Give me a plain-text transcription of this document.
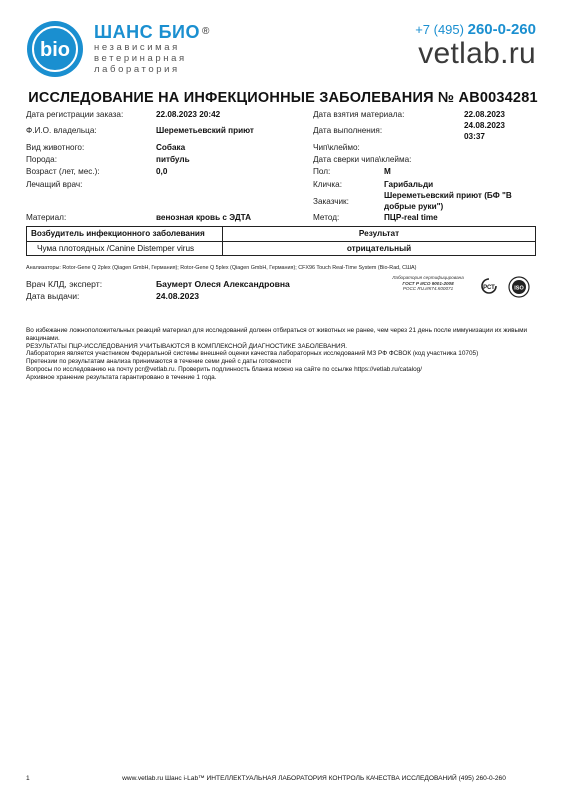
bio
ШАНС БИО ®
независимая
ветеринарная
лаборатория
+7 (495) 260-0-260
vetlab.ru
ИССЛЕДОВАНИЕ НА ИНФЕКЦИОННЫЕ ЗАБОЛЕВАНИЯ № AB0034281
Дата регистрации заказа:	22.08.2023 20:42
Ф.И.О. владельца:	Шереметьевский приют
Вид животного:	Собака
Порода:	питбуль
Возраст (лет, мес.):	0,0
Лечащий врач:
Материал:	венозная кровь с ЭДТА
Дата взятия материала:	22.08.2023
Дата выполнения:
24.08.2023
03:37
Чип\клеймо:
Дата сверки чипа\клейма:
Пол:	М
Кличка:	Гарибальди
Заказчик:
Шереметьевский приют (БФ "В
добрые руки")
Метод:	ПЦР-real time
Возбудитель инфекционного заболевания	Результат
Чума плотоядных /Canine Distemper virus	отрицательный
Анализаторы: Rotor-Gene Q 2plex (Qiagen GmbH, Германия); Rotor-Gene Q 5plex (Qiagen GmbH, Германия); CFX96 Touch Real-Time System (Bio-Rad, США)
Врач КЛД, эксперт:	Баумерт Олеся Александровна
Дата выдачи:	24.08.2023
Лаборатория сертифицирована
ГОСТ Р ИСО 9001-2008
РОСС RU.ИК74.К00071	РСТ	ISO
Во избежание ложноположительных реакций материал для исследований должен отбираться от животных не ранее, чем через 21 день после иммунизации их живыми вакцинами.
РЕЗУЛЬТАТЫ ПЦР-ИССЛЕДОВАНИЯ УЧИТЫВАЮТСЯ В КОМПЛЕКСНОЙ ДИАГНОСТИКЕ ЗАБОЛЕВАНИЯ.
Лаборатория является участником Федеральной системы внешней оценки качества лабораторных исследований МЗ РФ ФСВОК (код участника 10705)
Претензии по результатам анализа принимаются в течение семи дней с даты готовности
Вопросы по исследованию на почту pcr@vetlab.ru. Проверить подлинность бланка можно на сайте по ссылке https://vetlab.ru/catalog/
Архивное хранение результата гарантировано в течение 1 года.
1	www.vetlab.ru Шанс i-Lab™ ИНТЕЛЛЕКТУАЛЬНАЯ ЛАБОРАТОРИЯ КОНТРОЛЬ КАЧЕСТВА ИССЛЕДОВАНИЙ (495) 260-0-260
